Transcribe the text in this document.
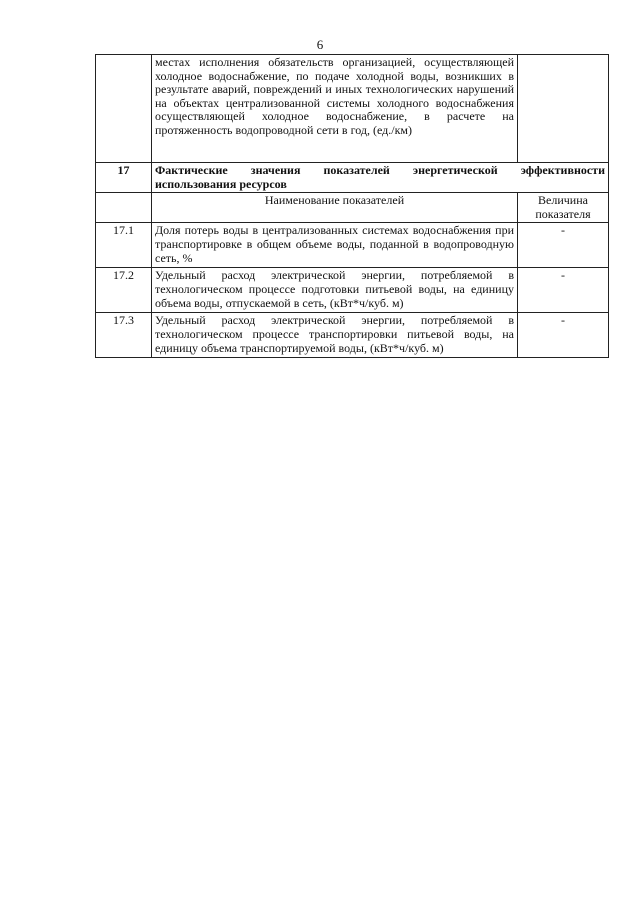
6
	местах исполнения обязательств организацией, осуществляющей холодное водоснабжение, по подаче холодной воды, возникших в результате аварий, повреждений и иных технологических нарушений на объектах централизованной системы холодного водоснабжения осуществляющей холодное водоснабжение, в расчете на протяженность водопроводной сети в год, (ед./км)	
17	Фактические значения показателей энергетической эффективности использования ресурсов	
	Наименование показателей	Величина показателя
17.1	Доля потерь воды в централизованных системах водоснабжения при транспортировке в общем объеме воды, поданной в водопроводную сеть, %	-
17.2	Удельный расход электрической энергии, потребляемой в технологическом процессе подготовки питьевой воды, на единицу объема воды, отпускаемой в сеть, (кВт*ч/куб. м)	-
17.3	Удельный расход электрической энергии, потребляемой в технологическом процессе транспортировки питьевой воды, на единицу объема транспортируемой воды, (кВт*ч/куб. м)	-
